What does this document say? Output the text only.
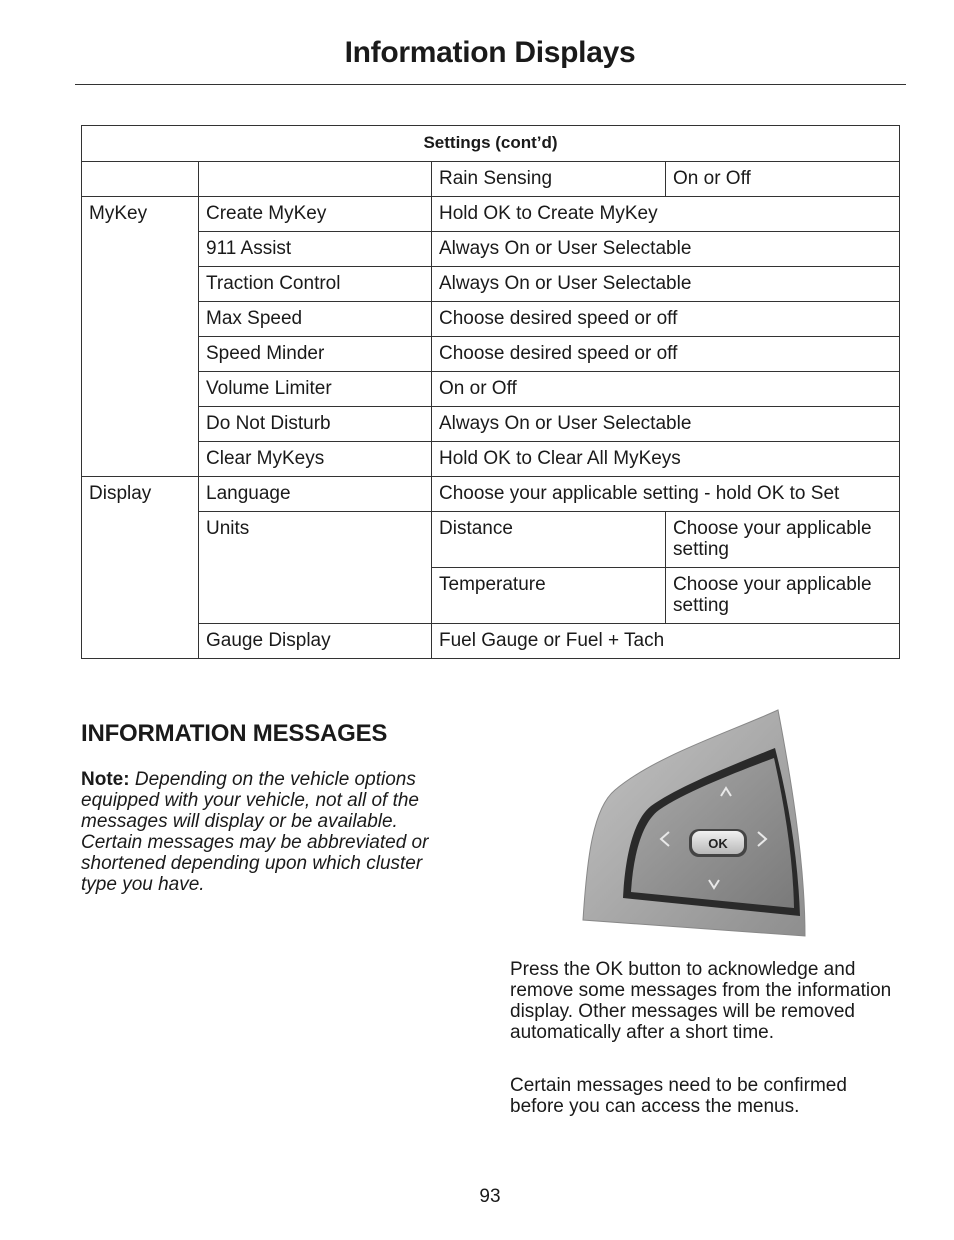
Information Displays
Settings (cont’d)			
		Rain Sensing	On or Off
MyKey	Create MyKey	Hold OK to Create MyKey	
	911 Assist	Always On or User Selectable	
	Traction Control	Always On or User Selectable	
	Max Speed	Choose desired speed or off	
	Speed Minder	Choose desired speed or off	
	Volume Limiter	On or Off	
	Do Not Disturb	Always On or User Selectable	
	Clear MyKeys	Hold OK to Clear All MyKeys	
Display	Language	Choose your applicable setting - hold OK to Set	
	Units	Distance	Choose your applicable setting
		Temperature	Choose your applicable setting
	Gauge Display	Fuel Gauge or Fuel + Tach	
INFORMATION MESSAGES
Note: Depending on the vehicle options equipped with your vehicle, not all of the messages will display or be available. Certain messages may be abbreviated or shortened depending upon which cluster type you have.
OK

Press the OK button to acknowledge and remove some messages from the information display. Other messages will be removed automatically after a short time.

Certain messages need to be confirmed before you can access the menus.

93
